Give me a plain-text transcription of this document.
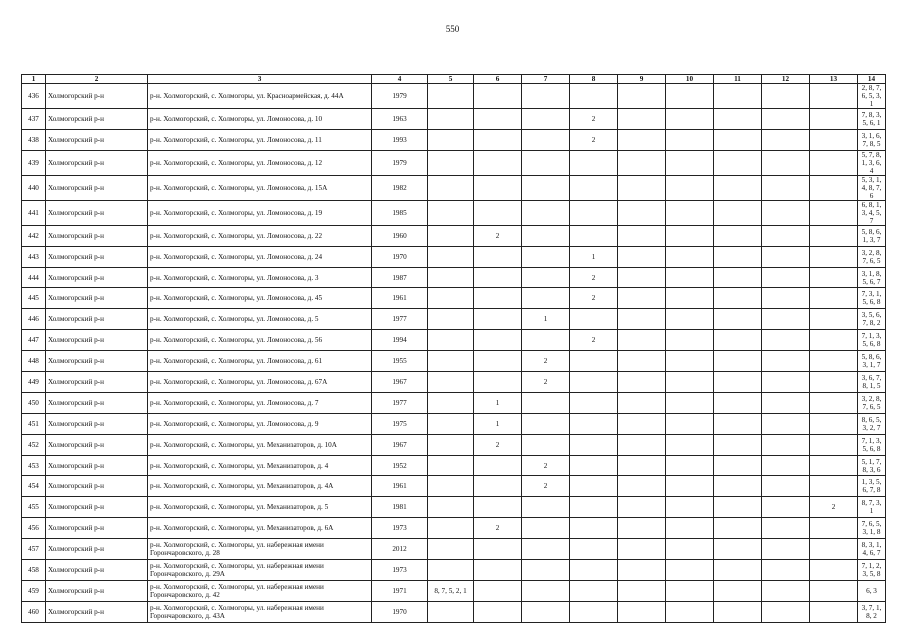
550
1	2	3	4	5	6	7	8	9	10	11	12	13	14
436	Холмогорский р-н	р-н. Холмогорский, с. Холмогоры, ул. Красноармейская, д. 44А	1979										2, 8, 7, 6, 5, 3, 1
437	Холмогорский р-н	р-н. Холмогорский, с. Холмогоры, ул. Ломоносова, д. 10	1963				2						7, 8, 3, 5, 6, 1
438	Холмогорский р-н	р-н. Холмогорский, с. Холмогоры, ул. Ломоносова, д. 11	1993				2						3, 1, 6, 7, 8, 5
439	Холмогорский р-н	р-н. Холмогорский, с. Холмогоры, ул. Ломоносова, д. 12	1979										5, 7, 8, 1, 3, 6, 4
440	Холмогорский р-н	р-н. Холмогорский, с. Холмогоры, ул. Ломоносова, д. 15А	1982										5, 3, 1, 4, 8, 7, 6
441	Холмогорский р-н	р-н. Холмогорский, с. Холмогоры, ул. Ломоносова, д. 19	1985										6, 8, 1, 3, 4, 5, 7
442	Холмогорский р-н	р-н. Холмогорский, с. Холмогоры, ул. Ломоносова, д. 22	1960		2								5, 8, 6, 1, 3, 7
443	Холмогорский р-н	р-н. Холмогорский, с. Холмогоры, ул. Ломоносова, д. 24	1970				1						3, 2, 8, 7, 6, 5
444	Холмогорский р-н	р-н. Холмогорский, с. Холмогоры, ул. Ломоносова, д. 3	1987				2						3, 1, 8, 5, 6, 7
445	Холмогорский р-н	р-н. Холмогорский, с. Холмогоры, ул. Ломоносова, д. 45	1961				2						7, 3, 1, 5, 6, 8
446	Холмогорский р-н	р-н. Холмогорский, с. Холмогоры, ул. Ломоносова, д. 5	1977			1							3, 5, 6, 7, 8, 2
447	Холмогорский р-н	р-н. Холмогорский, с. Холмогоры, ул. Ломоносова, д. 56	1994				2						7, 1, 3, 5, 6, 8
448	Холмогорский р-н	р-н. Холмогорский, с. Холмогоры, ул. Ломоносова, д. 61	1955			2							5, 8, 6, 3, 1, 7
449	Холмогорский р-н	р-н. Холмогорский, с. Холмогоры, ул. Ломоносова, д. 67А	1967			2							3, 6, 7, 8, 1, 5
450	Холмогорский р-н	р-н. Холмогорский, с. Холмогоры, ул. Ломоносова, д. 7	1977		1								3, 2, 8, 7, 6, 5
451	Холмогорский р-н	р-н. Холмогорский, с. Холмогоры, ул. Ломоносова, д. 9	1975		1								8, 6, 5, 3, 2, 7
452	Холмогорский р-н	р-н. Холмогорский, с. Холмогоры, ул. Механизаторов, д. 10А	1967		2								7, 1, 3, 5, 6, 8
453	Холмогорский р-н	р-н. Холмогорский, с. Холмогоры, ул. Механизаторов, д. 4	1952			2							5, 1, 7, 8, 3, 6
454	Холмогорский р-н	р-н. Холмогорский, с. Холмогоры, ул. Механизаторов, д. 4А	1961			2							1, 3, 5, 6, 7, 8
455	Холмогорский р-н	р-н. Холмогорский, с. Холмогоры, ул. Механизаторов, д. 5	1981									2	8, 7, 3, 1
456	Холмогорский р-н	р-н. Холмогорский, с. Холмогоры, ул. Механизаторов, д. 6А	1973		2								7, 6, 5, 3, 1, 8
457	Холмогорский р-н	р-н. Холмогорский, с. Холмогоры, ул. набережная имени Горончаровского, д. 28	2012										8, 3, 1, 4, 6, 7
458	Холмогорский р-н	р-н. Холмогорский, с. Холмогоры, ул. набережная имени Горончаровского, д. 29А	1973										7, 1, 2, 3, 5, 8
459	Холмогорский р-н	р-н. Холмогорский, с. Холмогоры, ул. набережная имени Горончаровского, д. 42	1971	8, 7, 5, 2, 1									6, 3
460	Холмогорский р-н	р-н. Холмогорский, с. Холмогоры, ул. набережная имени Горончаровского, д. 43А	1970										3, 7, 1, 8, 2
